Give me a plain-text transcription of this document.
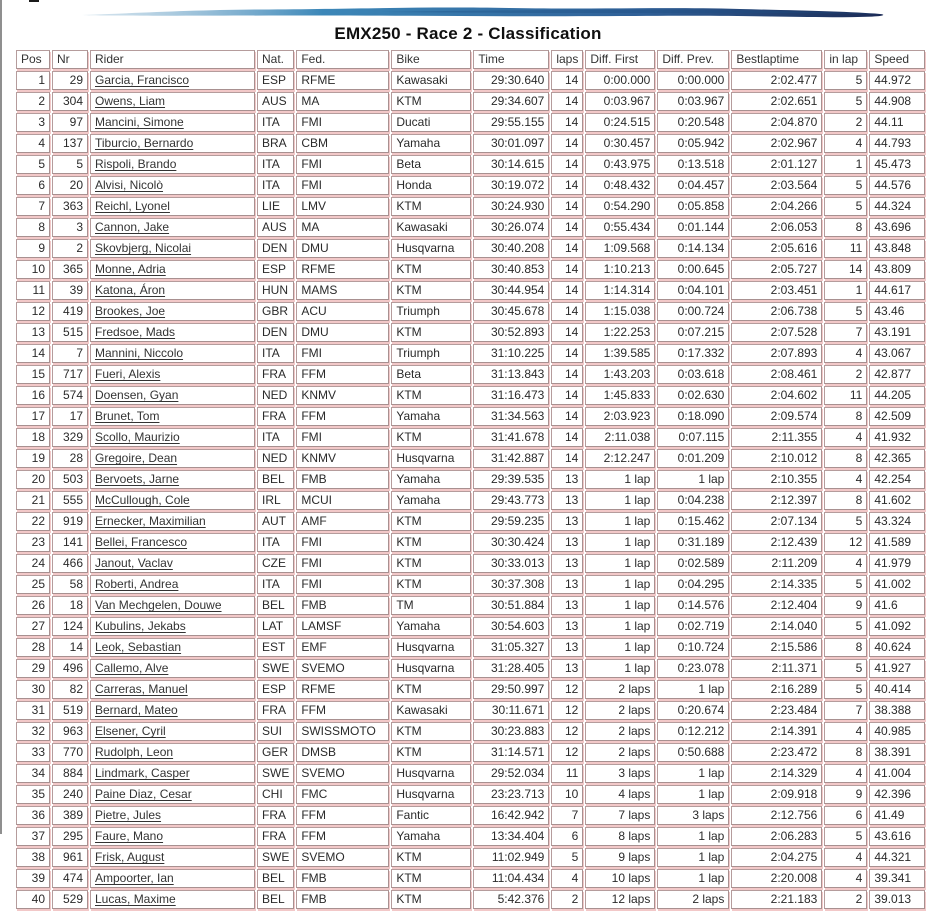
EMX250 - Race 2 - Classification
Pos	Nr	Rider	Nat.	Fed.	Bike	Time	laps	Diff. First	Diff. Prev.	Bestlaptime	in lap	Speed
1	29	Garcia, Francisco	ESP	RFME	Kawasaki	29:30.640	14	0:00.000	0:00.000	2:02.477	5	44.972
2	304	Owens, Liam	AUS	MA	KTM	29:34.607	14	0:03.967	0:03.967	2:02.651	5	44.908
3	97	Mancini, Simone	ITA	FMI	Ducati	29:55.155	14	0:24.515	0:20.548	2:04.870	2	44.11
4	137	Tiburcio, Bernardo	BRA	CBM	Yamaha	30:01.097	14	0:30.457	0:05.942	2:02.967	4	44.793
5	5	Rispoli, Brando	ITA	FMI	Beta	30:14.615	14	0:43.975	0:13.518	2:01.127	1	45.473
6	20	Alvisi, Nicolò	ITA	FMI	Honda	30:19.072	14	0:48.432	0:04.457	2:03.564	5	44.576
7	363	Reichl, Lyonel	LIE	LMV	KTM	30:24.930	14	0:54.290	0:05.858	2:04.266	5	44.324
8	3	Cannon, Jake	AUS	MA	Kawasaki	30:26.074	14	0:55.434	0:01.144	2:06.053	8	43.696
9	2	Skovbjerg, Nicolai	DEN	DMU	Husqvarna	30:40.208	14	1:09.568	0:14.134	2:05.616	11	43.848
10	365	Monne, Adria	ESP	RFME	KTM	30:40.853	14	1:10.213	0:00.645	2:05.727	14	43.809
11	39	Katona, Áron	HUN	MAMS	KTM	30:44.954	14	1:14.314	0:04.101	2:03.451	1	44.617
12	419	Brookes, Joe	GBR	ACU	Triumph	30:45.678	14	1:15.038	0:00.724	2:06.738	5	43.46
13	515	Fredsoe, Mads	DEN	DMU	KTM	30:52.893	14	1:22.253	0:07.215	2:07.528	7	43.191
14	7	Mannini, Niccolo	ITA	FMI	Triumph	31:10.225	14	1:39.585	0:17.332	2:07.893	4	43.067
15	717	Fueri, Alexis	FRA	FFM	Beta	31:13.843	14	1:43.203	0:03.618	2:08.461	2	42.877
16	574	Doensen, Gyan	NED	KNMV	KTM	31:16.473	14	1:45.833	0:02.630	2:04.602	11	44.205
17	17	Brunet, Tom	FRA	FFM	Yamaha	31:34.563	14	2:03.923	0:18.090	2:09.574	8	42.509
18	329	Scollo, Maurizio	ITA	FMI	KTM	31:41.678	14	2:11.038	0:07.115	2:11.355	4	41.932
19	28	Gregoire, Dean	NED	KNMV	Husqvarna	31:42.887	14	2:12.247	0:01.209	2:10.012	8	42.365
20	503	Bervoets, Jarne	BEL	FMB	Yamaha	29:39.535	13	1 lap	1 lap	2:10.355	4	42.254
21	555	McCullough, Cole	IRL	MCUI	Yamaha	29:43.773	13	1 lap	0:04.238	2:12.397	8	41.602
22	919	Ernecker, Maximilian	AUT	AMF	KTM	29:59.235	13	1 lap	0:15.462	2:07.134	5	43.324
23	141	Bellei, Francesco	ITA	FMI	KTM	30:30.424	13	1 lap	0:31.189	2:12.439	12	41.589
24	466	Janout, Vaclav	CZE	FMI	KTM	30:33.013	13	1 lap	0:02.589	2:11.209	4	41.979
25	58	Roberti, Andrea	ITA	FMI	KTM	30:37.308	13	1 lap	0:04.295	2:14.335	5	41.002
26	18	Van Mechgelen, Douwe	BEL	FMB	TM	30:51.884	13	1 lap	0:14.576	2:12.404	9	41.6
27	124	Kubulins, Jekabs	LAT	LAMSF	Yamaha	30:54.603	13	1 lap	0:02.719	2:14.040	5	41.092
28	14	Leok, Sebastian	EST	EMF	Husqvarna	31:05.327	13	1 lap	0:10.724	2:15.586	8	40.624
29	496	Callemo, Alve	SWE	SVEMO	Husqvarna	31:28.405	13	1 lap	0:23.078	2:11.371	5	41.927
30	82	Carreras, Manuel	ESP	RFME	KTM	29:50.997	12	2 laps	1 lap	2:16.289	5	40.414
31	519	Bernard, Mateo	FRA	FFM	Kawasaki	30:11.671	12	2 laps	0:20.674	2:23.484	7	38.388
32	963	Elsener, Cyril	SUI	SWISSMOTO	KTM	30:23.883	12	2 laps	0:12.212	2:14.391	4	40.985
33	770	Rudolph, Leon	GER	DMSB	KTM	31:14.571	12	2 laps	0:50.688	2:23.472	8	38.391
34	884	Lindmark, Casper	SWE	SVEMO	Husqvarna	29:52.034	11	3 laps	1 lap	2:14.329	4	41.004
35	240	Paine Diaz, Cesar	CHI	FMC	Husqvarna	23:23.713	10	4 laps	1 lap	2:09.918	9	42.396
36	389	Pietre, Jules	FRA	FFM	Fantic	16:42.942	7	7 laps	3 laps	2:12.756	6	41.49
37	295	Faure, Mano	FRA	FFM	Yamaha	13:34.404	6	8 laps	1 lap	2:06.283	5	43.616
38	961	Frisk, August	SWE	SVEMO	KTM	11:02.949	5	9 laps	1 lap	2:04.275	4	44.321
39	474	Ampoorter, Ian	BEL	FMB	KTM	11:04.434	4	10 laps	1 lap	2:20.008	4	39.341
40	529	Lucas, Maxime	BEL	FMB	KTM	5:42.376	2	12 laps	2 laps	2:21.183	2	39.013
